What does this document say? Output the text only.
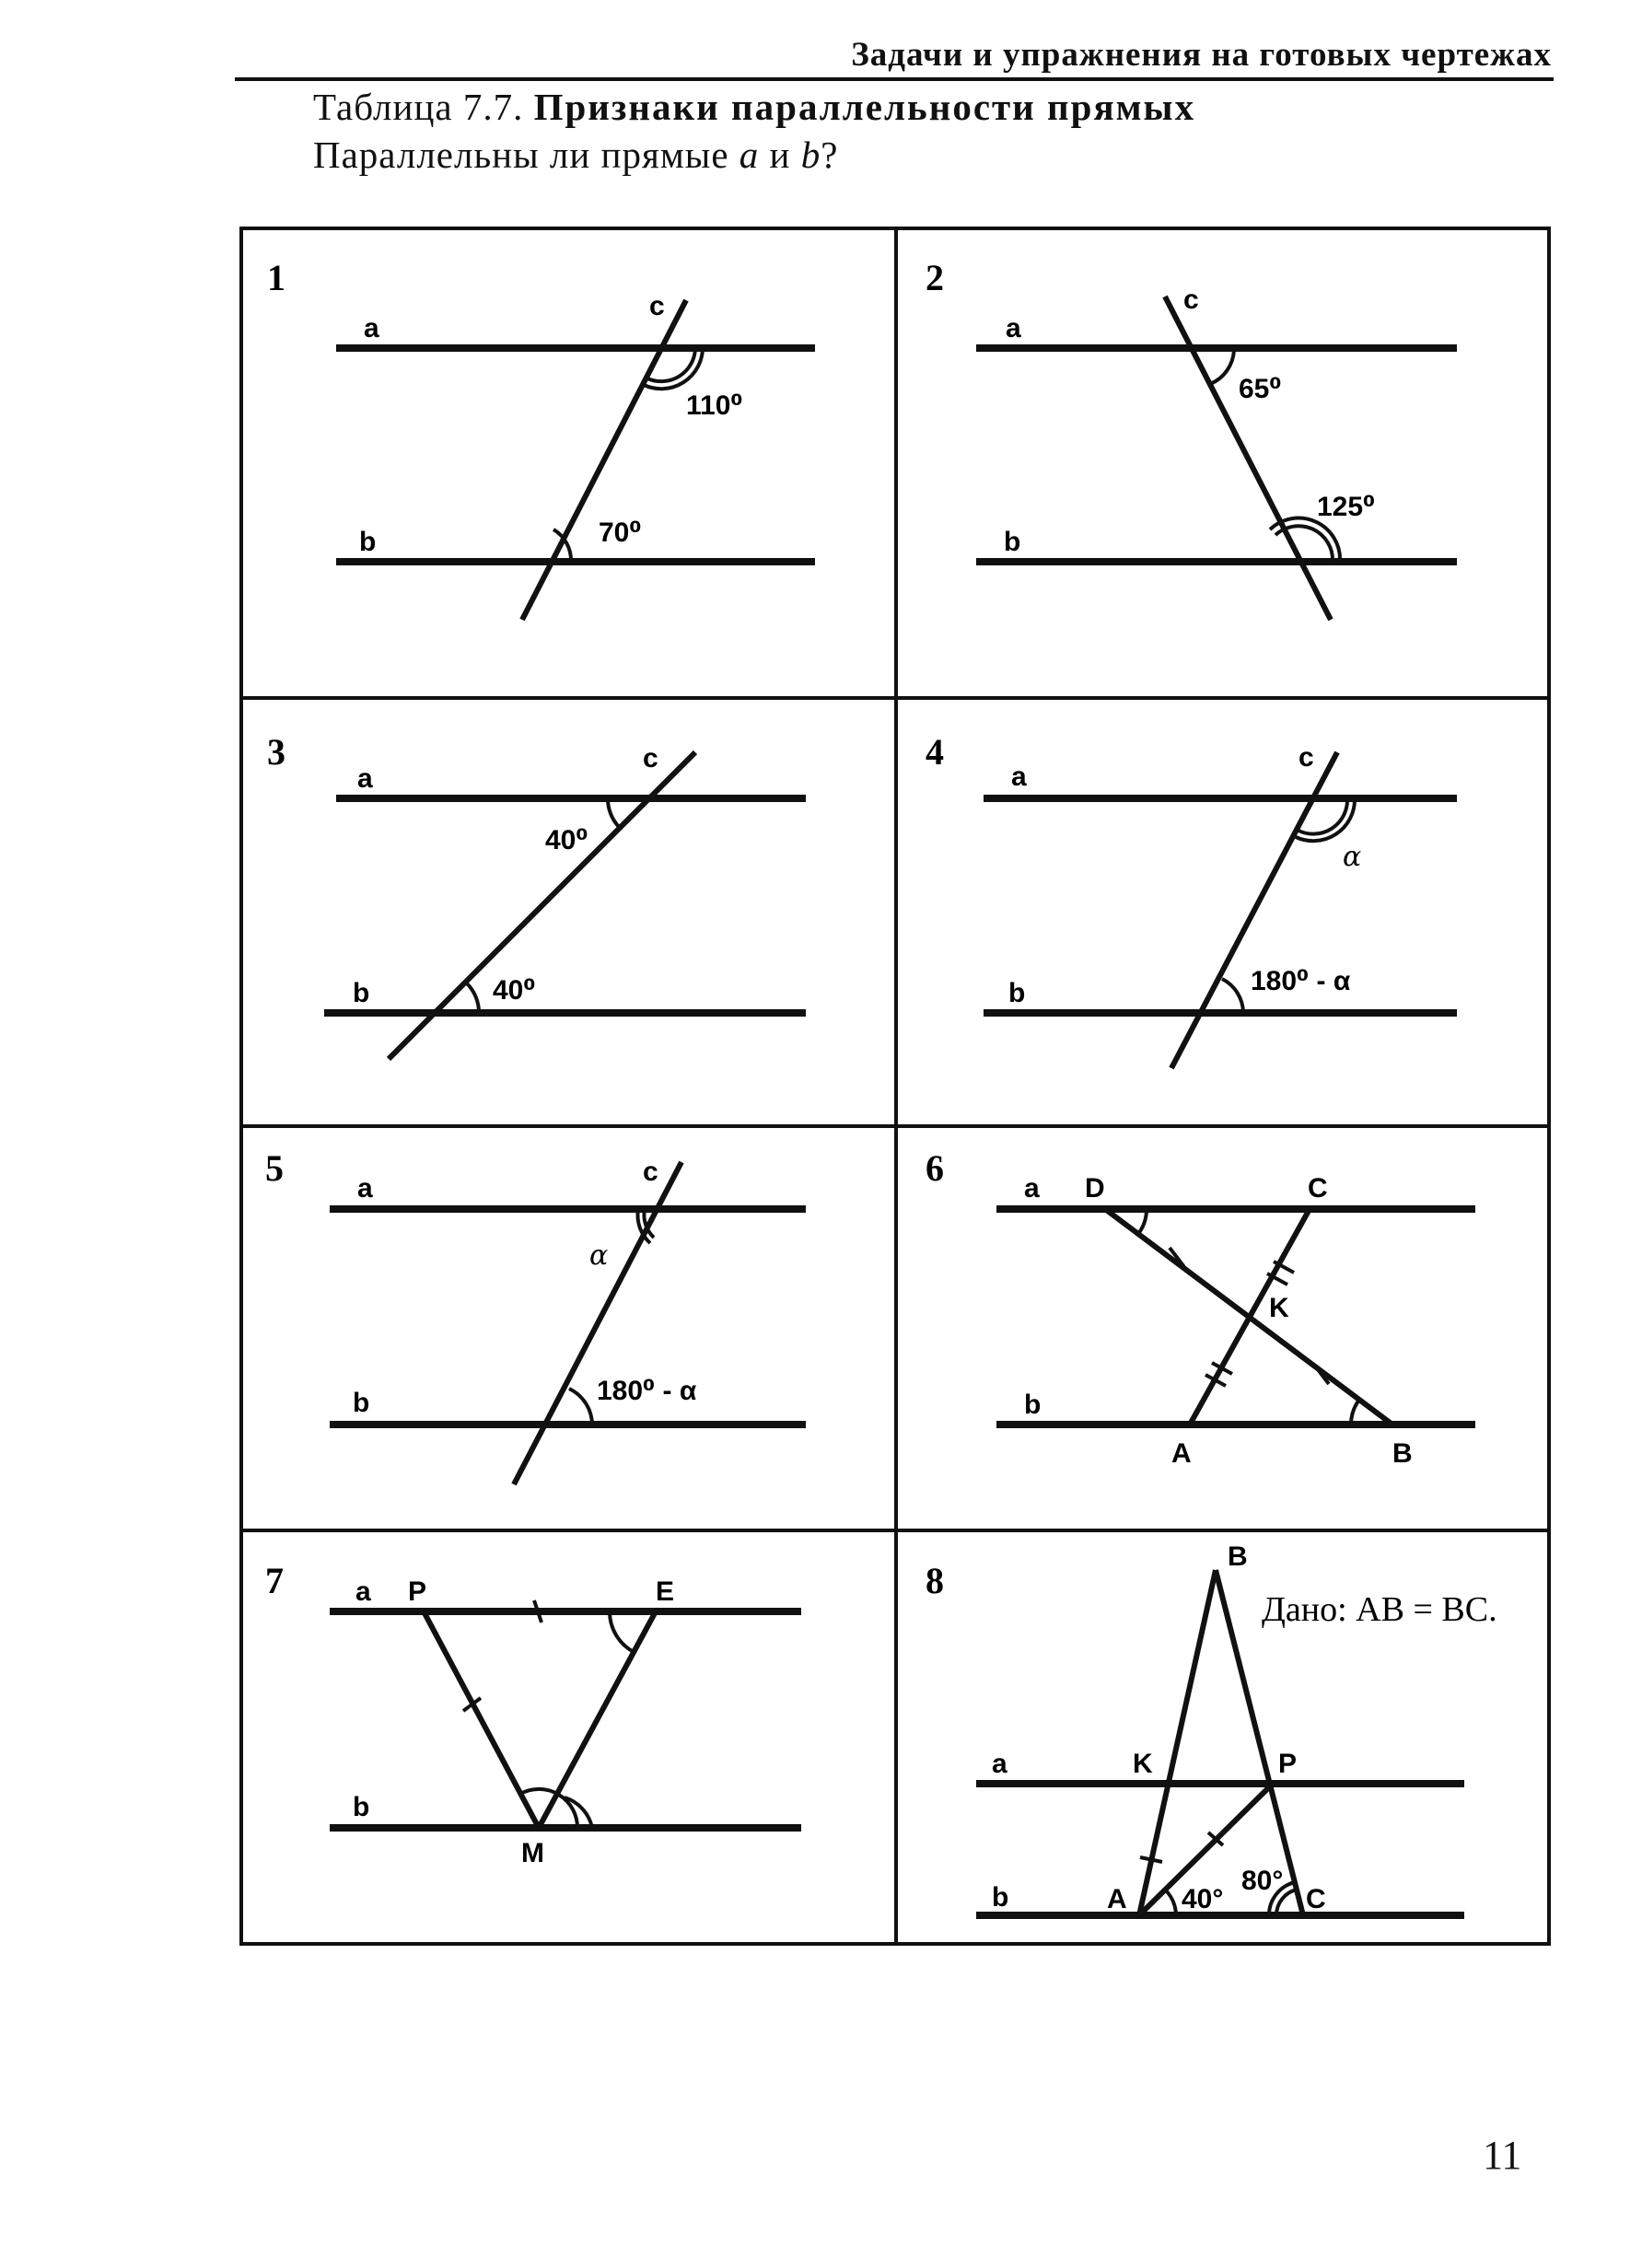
Задачи и упражнения на готовых чертежах
Таблица 7.7. Признаки параллельности прямых
Параллельны ли прямые a и b?
1
a
b
c
110⁰
70⁰
2
a
b
c
65⁰
125⁰
3
a
b
c
40⁰
40⁰
4
a
b
c
α
180⁰ - α
5	a
b
c
α
180⁰ - α
6	a
b
D	C
K
A	B
7	a
b
P	E
M
8
a
b
B
K	P
A	C
40°
80°
Дано: AB = BC.
11
